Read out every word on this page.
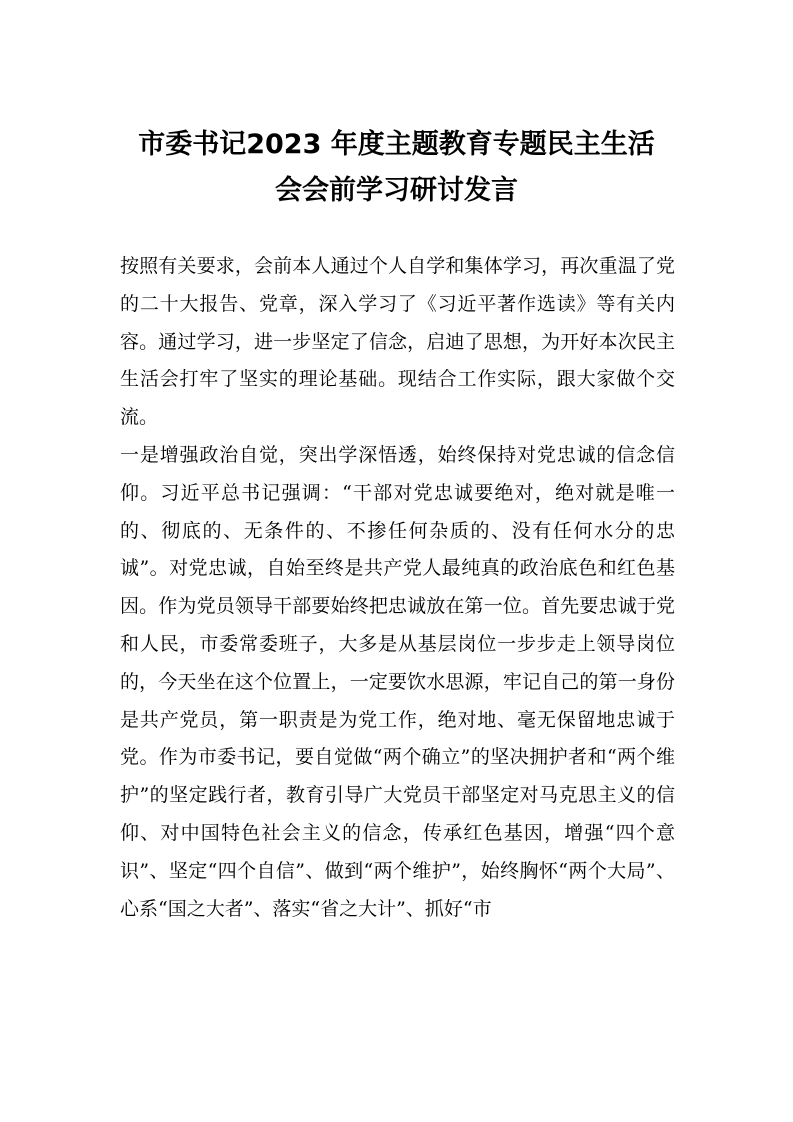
市委书记2023 年度主题教育专题民主生活
会会前学习研讨发言

按照有关要求，会前本人通过个人自学和集体学习，再次重温了党的二十大报告、党章，深入学习了《习近平著作选读》等有关内容。通过学习，进一步坚定了信念，启迪了思想，为开好本次民主生活会打牢了坚实的理论基础。现结合工作实际，跟大家做个交流。

一是增强政治自觉，突出学深悟透，始终保持对党忠诚的信念信仰。习近平总书记强调：“干部对党忠诚要绝对，绝对就是唯一的、彻底的、无条件的、不掺任何杂质的、没有任何水分的忠诚”。对党忠诚，自始至终是共产党人最纯真的政治底色和红色基因。作为党员领导干部要始终把忠诚放在第一位。首先要忠诚于党和人民，市委常委班子，大多是从基层岗位一步步走上领导岗位的，今天坐在这个位置上，一定要饮水思源，牢记自己的第一身份是共产党员，第一职责是为党工作，绝对地、毫无保留地忠诚于党。作为市委书记，要自觉做“两个确立”的坚决拥护者和“两个维护”的坚定践行者，教育引导广大党员干部坚定对马克思主义的信仰、对中国特色社会主义的信念，传承红色基因，增强“四个意识”、坚定“四个自信”、做到“两个维护”，始终胸怀“两个大局”、心系“国之大者”、落实“省之大计”、抓好“市
